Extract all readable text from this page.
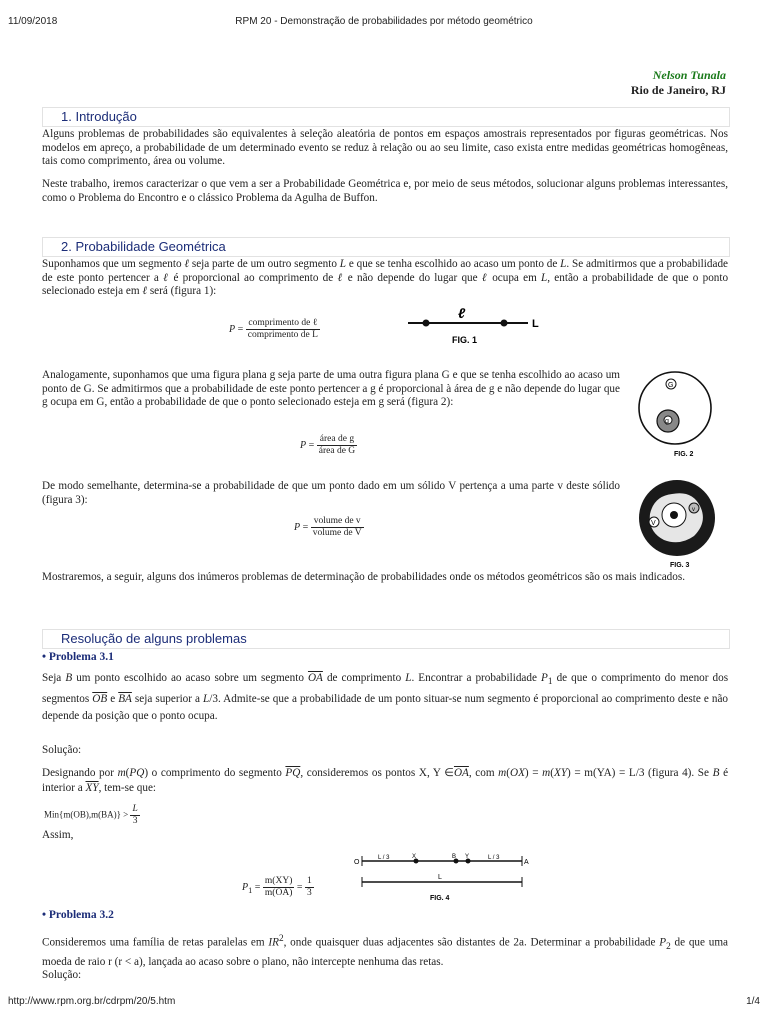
11/09/2018	RPM 20 - Demonstração de probabilidades por método geométrico
Nelson Tunala
Rio de Janeiro, RJ
1. Introdução
Alguns problemas de probabilidades são equivalentes à seleção aleatória de pontos em espaços amostrais representados por figuras geométricas. Nos modelos em apreço, a probabilidade de um determinado evento se reduz à relação ou ao seu limite, caso exista entre medidas geométricas homogêneas, tais como comprimento, área ou volume.
Neste trabalho, iremos caracterizar o que vem a ser a Probabilidade Geométrica e, por meio de seus métodos, solucionar alguns problemas interessantes, como o Problema do Encontro e o clássico Problema da Agulha de Buffon.
2. Probabilidade Geométrica
Suponhamos que um segmento ℓ seja parte de um outro segmento L e que se tenha escolhido ao acaso um ponto de L. Se admitirmos que a probabilidade de este ponto pertencer a ℓ é proporcional ao comprimento de ℓ e não depende do lugar que ℓ ocupa em L, então a probabilidade de que o ponto selecionado esteja em ℓ será (figura 1):
$P = \frac{\text{comprimento de ℓ}}{\text{comprimento de L}}$
ℓ
L
FIG. 1
Analogamente, suponhamos que uma figura plana g seja parte de uma outra figura plana G e que se tenha escolhido ao acaso um ponto de G. Se admitirmos que a probabilidade de este ponto pertencer a g é proporcional à área de g e não depende do lugar que g ocupa em G, então a probabilidade de que o ponto selecionado esteja em g será (figura 2):
$P = \frac{\text{área de g}}{\text{área de G}}$
G
g
FIG. 2
De modo semelhante, determina-se a probabilidade de que um ponto dado em um sólido V pertença a uma parte v deste sólido (figura 3):
$P = \frac{\text{volume de v}}{\text{volume de V}}$	V
v
FIG. 3
Mostraremos, a seguir, alguns dos inúmeros problemas de determinação de probabilidades onde os métodos geométricos são os mais indicados.
Resolução de alguns problemas
• Problema 3.1
Seja B um ponto escolhido ao acaso sobre um segmento $\overline{OA}$ de comprimento L. Encontrar a probabilidade $P_1$ de que o comprimento do menor dos segmentos $\overline{OB}$ e $\overline{BA}$ seja superior a L/3. Admite-se que a probabilidade de um ponto situar-se num segmento é proporcional ao comprimento deste e não depende da posição que o ponto ocupa.
Solução:
Designando por m(PQ) o comprimento do segmento $\overline{PQ}$, consideremos os pontos X, Y $\in\overline{OA}$, com m(OX) = m(XY) = m(YA) = L/3 (figura 4). Se B é interior a $\overline{XY}$, tem-se que:
$Min\{m(OB),m(BA)\} > \frac{L}{3}$
Assim,
$P_1 = \frac{m(XY)}{m(OA)} = \frac{1}{3}$
O
L / 3	X	B Y	L / 3
A
L
FIG. 4
• Problema 3.2
Consideremos uma família de retas paralelas em $IR^2$, onde quaisquer duas adjacentes são distantes de 2a. Determinar a probabilidade $P_2$ de que uma moeda de raio r (r < a), lançada ao acaso sobre o plano, não intercepte nenhuma das retas.
Solução:
http://www.rpm.org.br/cdrpm/20/5.htm	1/4
